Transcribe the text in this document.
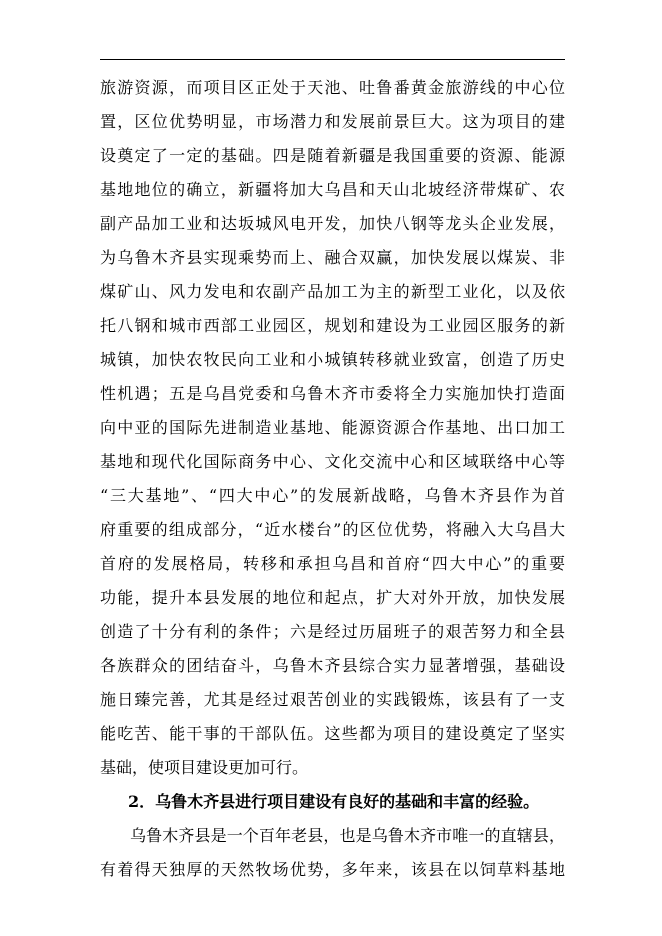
旅游资源，而项目区正处于天池、吐鲁番黄金旅游线的中心位
置，区位优势明显，市场潜力和发展前景巨大。这为项目的建
设奠定了一定的基础。四是随着新疆是我国重要的资源、能源
基地地位的确立，新疆将加大乌昌和天山北坡经济带煤矿、农
副产品加工业和达坂城风电开发，加快八钢等龙头企业发展，
为乌鲁木齐县实现乘势而上、融合双赢，加快发展以煤炭、非
煤矿山、风力发电和农副产品加工为主的新型工业化，以及依
托八钢和城市西部工业园区，规划和建设为工业园区服务的新
城镇，加快农牧民向工业和小城镇转移就业致富，创造了历史
性机遇；五是乌昌党委和乌鲁木齐市委将全力实施加快打造面
向中亚的国际先进制造业基地、能源资源合作基地、出口加工
基地和现代化国际商务中心、文化交流中心和区域联络中心等
“三大基地”、“四大中心”的发展新战略，乌鲁木齐县作为首
府重要的组成部分，“近水楼台”的区位优势，将融入大乌昌大
首府的发展格局，转移和承担乌昌和首府“四大中心”的重要
功能，提升本县发展的地位和起点，扩大对外开放，加快发展
创造了十分有利的条件；六是经过历届班子的艰苦努力和全县
各族群众的团结奋斗，乌鲁木齐县综合实力显著增强，基础设
施日臻完善，尤其是经过艰苦创业的实践锻炼，该县有了一支
能吃苦、能干事的干部队伍。这些都为项目的建设奠定了坚实
基础，使项目建设更加可行。
2．乌鲁木齐县进行项目建设有良好的基础和丰富的经验。
乌鲁木齐县是一个百年老县，也是乌鲁木齐市唯一的直辖县，
有着得天独厚的天然牧场优势，多年来，该县在以饲草料基地
